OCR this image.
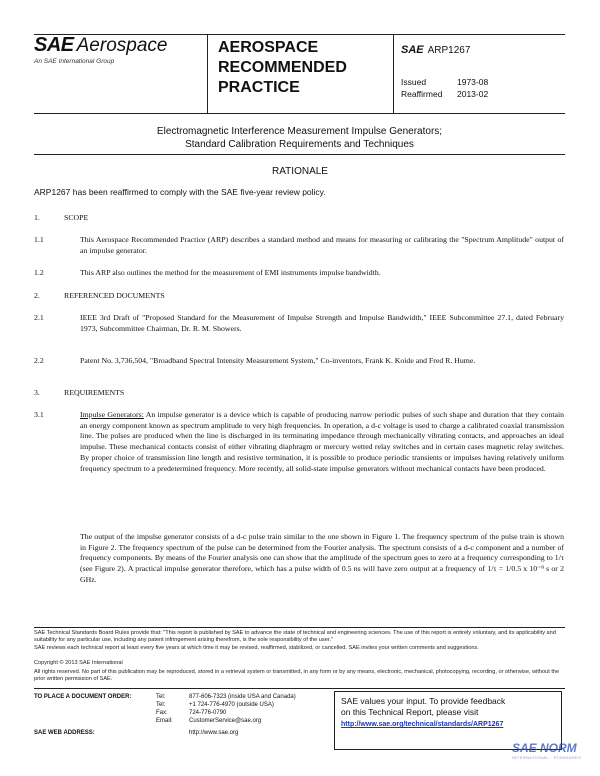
SAE Aerospace
An SAE International Group
AEROSPACE
RECOMMENDED
PRACTICE
SAE ARP1267
Issued	1973-08
Reaffirmed 2013-02
Electromagnetic Interference Measurement Impulse Generators;
Standard Calibration Requirements and Techniques
RATIONALE
ARP1267 has been reaffirmed to comply with the SAE five-year review policy.
1.	SCOPE
1.1	This Aerospace Recommended Practice (ARP) describes a standard method and means for measuring or calibrating the "Spectrum Amplitude" output of an impulse generator.
1.2	This ARP also outlines the method for the measurement of EMI instruments impulse bandwidth.
2.	REFERENCED DOCUMENTS
2.1	IEEE 3rd Draft of "Proposed Standard for the Measurement of Impulse Strength and Impulse Bandwidth," IEEE Subcommittee 27.1, dated February 1973, Subcommittee Chairman, Dr. R. M. Showers.
2.2	Patent No. 3,736,504, "Broadband Spectral Intensity Measurement System," Co-inventors, Frank K. Koide and Fred R. Hume.
3.	REQUIREMENTS
3.1	Impulse Generators: An impulse generator is a device which is capable of producing narrow periodic pulses of such shape and duration that they contain an energy component known as spectrum amplitude to very high frequencies. In operation, a d-c voltage is used to charge a calibrated coaxial transmission line. The pulses are produced when the line is discharged in its terminating impedance through mechanically vibrating contacts, and approaches an ideal impulse. These mechanical contacts consist of either vibrating diaphragm or mercury wetted relay switches and in certain cases magnetic relay switches. By proper choice of transmission line length and resistive termination, it is possible to produce periodic transients or impulses having relatively uniform frequency spectrum to a predetermined frequency. More recently, all solid-state impulse generators without mechanical contacts have been produced.
The output of the impulse generator consists of a d-c pulse train similar to the one shown in Figure 1. The frequency spectrum of the pulse train is shown in Figure 2. The frequency spectrum of the pulse can be determined from the Fourier analysis. The spectrum consists of a d-c component and a number of frequency components. By means of the Fourier analysis one can show that the amplitude of the spectrum goes to zero at a frequency corresponding to 1/τ (see Figure 2). A practical impulse generator therefore, which has a pulse width of 0.5 ns will have zero output at a frequency of 1/τ = 1/0.5 x 10⁻⁹ s or 2 GHz.
SAE Technical Standards Board Rules provide that: "This report is published by SAE to advance the state of technical and engineering sciences. The use of this report is entirely voluntary, and its applicability and suitability for any particular use, including any patent infringement arising therefrom, is the sole responsibility of the user."
SAE reviews each technical report at least every five years at which time it may be revised, reaffirmed, stabilized, or cancelled. SAE invites your written comments and suggestions.
Copyright © 2013 SAE International
All rights reserved. No part of this publication may be reproduced, stored in a retrieval system or transmitted, in any form or by any means, electronic, mechanical, photocopying, recording, or otherwise, without the prior written permission of SAE.
TO PLACE A DOCUMENT ORDER:	Tel:	877-606-7323 (inside USA and Canada)
Tel:	+1 724-776-4970 (outside USA)
Fax:	724-776-0790
Email:	CustomerService@sae.org
SAE WEB ADDRESS:	http://www.sae.org
SAE values your input. To provide feedback
on this Technical Report, please visit
http://www.sae.org/technical/standards/ARP1267
SAE NORM
INTERNATIONAL · STANDARDS
